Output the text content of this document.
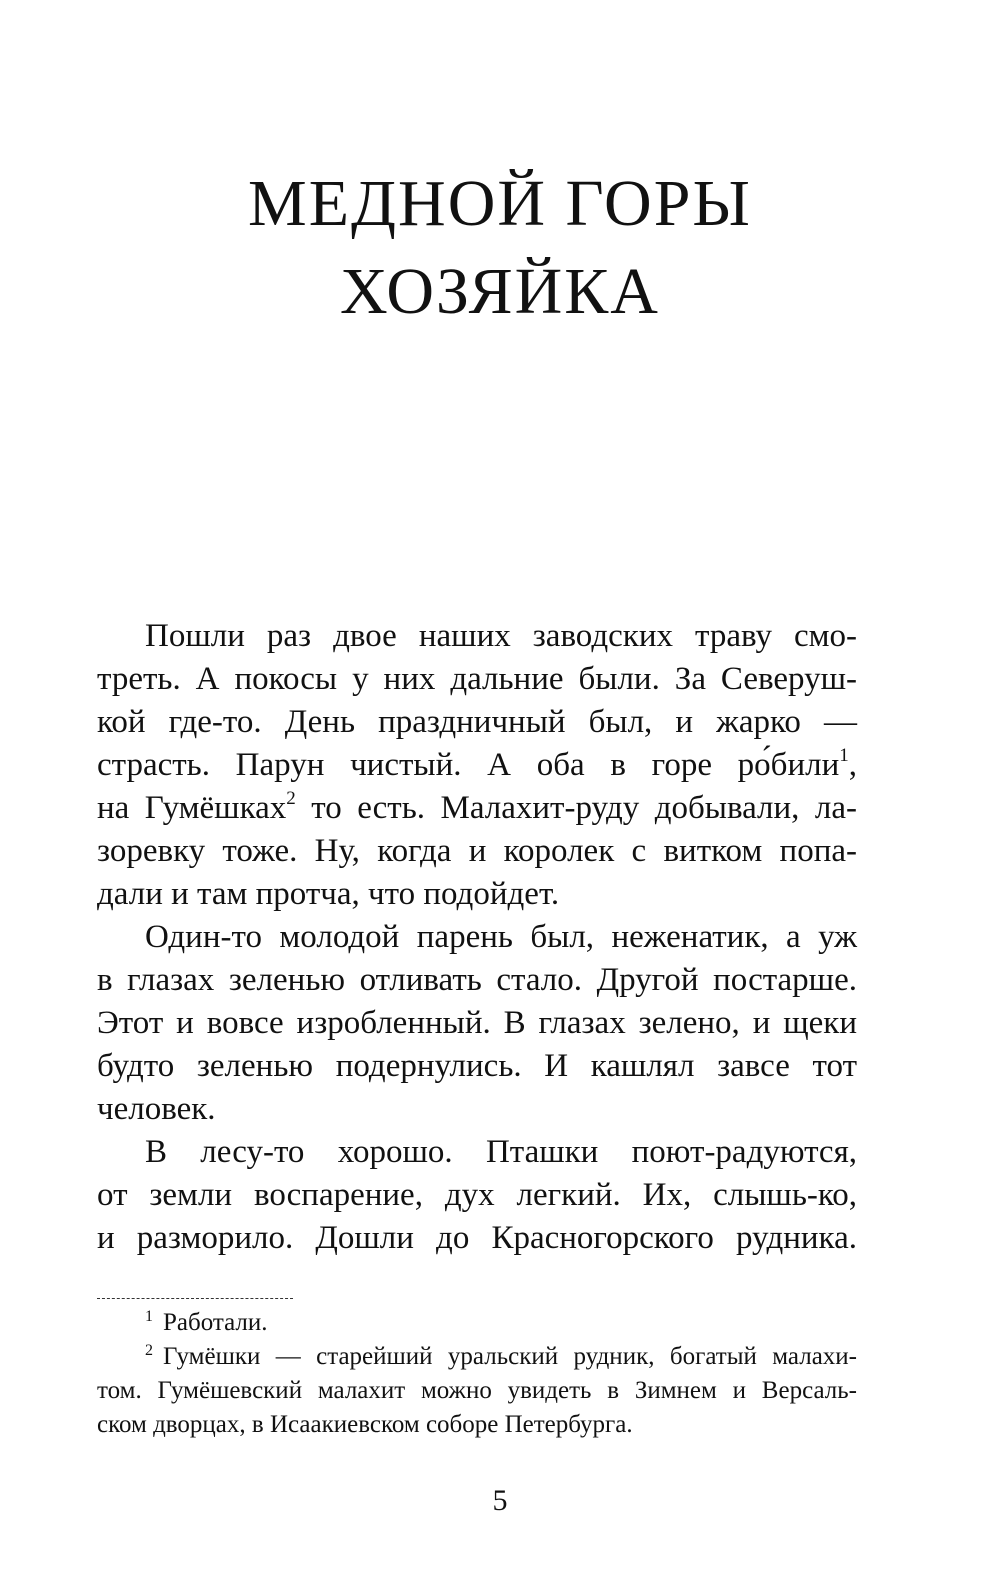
МЕДНОЙ ГОРЫ
ХОЗЯЙКА
Пошли раз двое наших заводских траву смо-
треть. А покосы у них дальние были. За Северуш-
кой где-то. День праздничный был, и жарко —
страсть. Парун чистый. А оба в горе ро́били$^1$,
на Гумёшках$^2$ то есть. Малахит-руду добывали, ла-
зоревку тоже. Ну, когда и королек с витком попа-
дали и там протча, что подойдет.
Один-то молодой парень был, неженатик, а уж
в глазах зеленью отливать стало. Другой постарше.
Этот и вовсе изробленный. В глазах зелено, и щеки
будто зеленью подернулись. И кашлял завсе тот
человек.
В лесу-то хорошо. Пташки поют-радуются,
от земли воспарение, дух легкий. Их, слышь-ко,
и разморило. Дошли до Красногорского рудника.
$^1$ Работали.
$^2$ Гумёшки — старейший уральский рудник, богатый малахи-
том. Гумёшевский малахит можно увидеть в Зимнем и Версаль-
ском дворцах, в Исаакиевском соборе Петербурга.
5
